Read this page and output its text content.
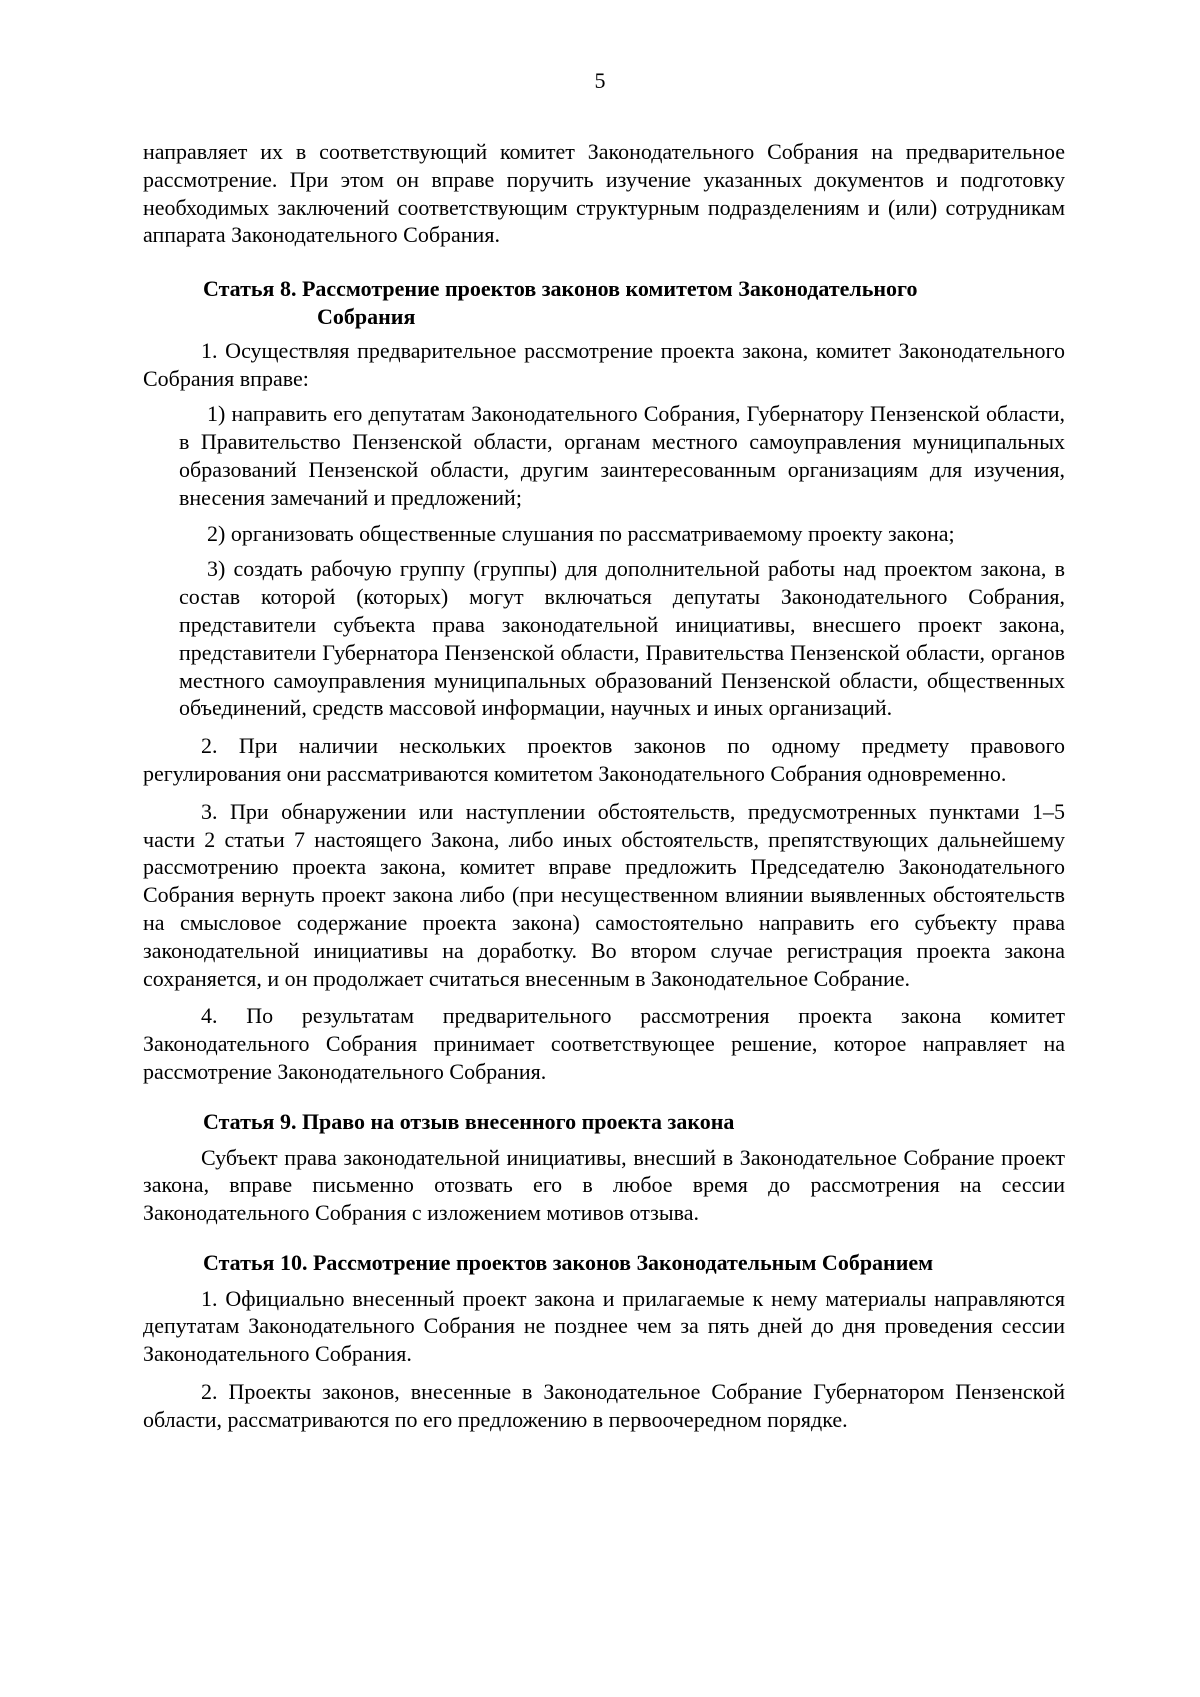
5

направляет их в соответствующий комитет Законодательного Собрания на предварительное рассмотрение. При этом он вправе поручить изучение указанных документов и подготовку необходимых заключений соответствующим структурным подразделениям и (или) сотрудникам аппарата Законодательного Собрания.

Статья 8. Рассмотрение проектов законов комитетом Законодательного
Собрания

1. Осуществляя предварительное рассмотрение проекта закона, комитет Законодательного Собрания вправе:

1) направить его депутатам Законодательного Собрания, Губернатору Пензенской области, в Правительство Пензенской области, органам местного самоуправления муниципальных образований Пензенской области, другим заинтересованным организациям для изучения, внесения замечаний и предложений;

2) организовать общественные слушания по рассматриваемому проекту закона;

3) создать рабочую группу (группы) для дополнительной работы над проектом закона, в состав которой (которых) могут включаться депутаты Законодательного Собрания, представители субъекта права законодательной инициативы, внесшего проект закона, представители Губернатора Пензенской области, Правительства Пензенской области, органов местного самоуправления муниципальных образований Пензенской области, общественных объединений, средств массовой информации, научных и иных организаций.

2. При наличии нескольких проектов законов по одному предмету правового регулирования они рассматриваются комитетом Законодательного Собрания одновременно.

3. При обнаружении или наступлении обстоятельств, предусмотренных пунктами 1–5 части 2 статьи 7 настоящего Закона, либо иных обстоятельств, препятствующих дальнейшему рассмотрению проекта закона, комитет вправе предложить Председателю Законодательного Собрания вернуть проект закона либо (при несущественном влиянии выявленных обстоятельств на смысловое содержание проекта закона) самостоятельно направить его субъекту права законодательной инициативы на доработку. Во втором случае регистрация проекта закона сохраняется, и он продолжает считаться внесенным в Законодательное Собрание.

4. По результатам предварительного рассмотрения проекта закона комитет Законодательного Собрания принимает соответствующее решение, которое направляет на рассмотрение Законодательного Собрания.

Статья 9. Право на отзыв внесенного проекта закона

Субъект права законодательной инициативы, внесший в Законодательное Собрание проект закона, вправе письменно отозвать его в любое время до рассмотрения на сессии Законодательного Собрания с изложением мотивов отзыва.

Статья 10. Рассмотрение проектов законов Законодательным Собранием

1. Официально внесенный проект закона и прилагаемые к нему материалы направляются депутатам Законодательного Собрания не позднее чем за пять дней до дня проведения сессии Законодательного Собрания.

2. Проекты законов, внесенные в Законодательное Собрание Губернатором Пензенской области, рассматриваются по его предложению в первоочередном порядке.
